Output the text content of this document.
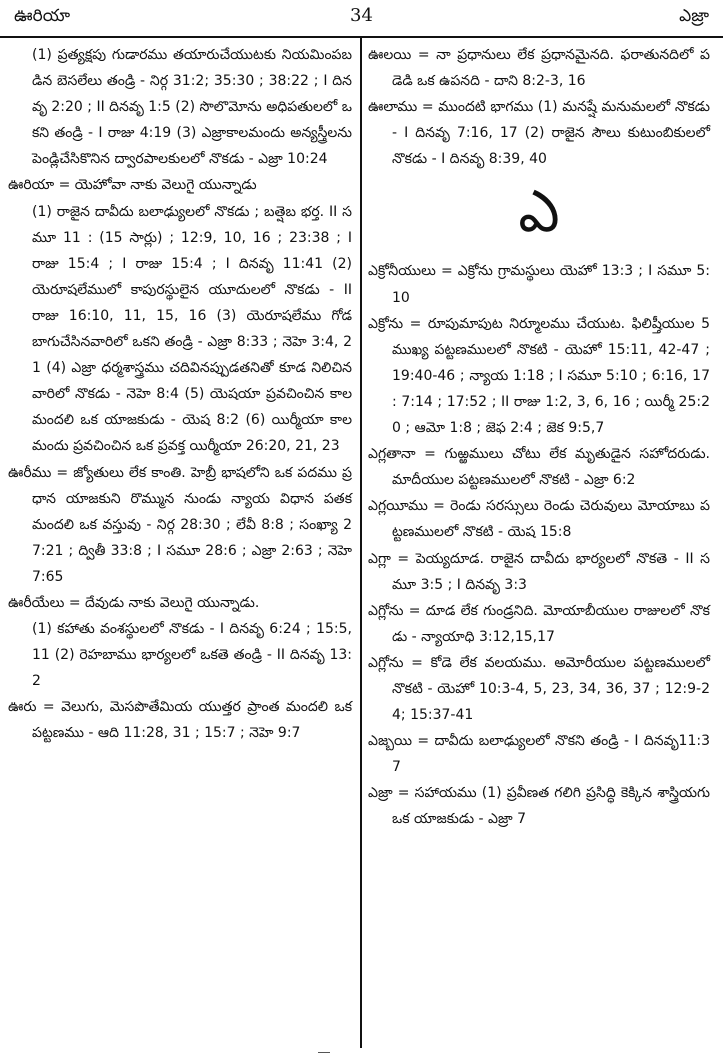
ఊరియా	34	ఎజ్రా

(1) ప్రత్యక్షపు గుడారము తయారుచేయుటకు నియమింపబడిన బెసలేలు తండ్రి - నిర్గ 31:2; 35:30 ; 38:22 ; I దినవృ 2:20 ; II దినవృ 1:5 (2) సొలొమోను అధిపతులలో ఒకని తండ్రి - I రాజు 4:19 (3) ఎజ్రాకాలమందు అన్యస్త్రీలను పెండ్లిచేసికొనిన ద్వారపాలకులలో నొకడు - ఎజ్రా 10:24

ఊరియా = యెహోవా నాకు వెలుగై యున్నాడు

(1) రాజైన దావీదు బలాఢ్యులలో నొకడు ; బత్షెబ భర్త. II సమూ 11 : (15 సార్లు) ; 12:9, 10, 16 ; 23:38 ; I రాజు 15:4 ; I రాజు 15:4 ; I దినవృ 11:41 (2) యెరూషలేములో కాపురస్థులైన యూదులలో నొకడు - II రాజు 16:10, 11, 15, 16 (3) యెరూషలేము గోడ బాగుచేసినవారిలో ఒకని తండ్రి - ఎజ్రా 8:33 ; నెహె 3:4, 21 (4) ఎజ్రా ధర్మశాస్త్రము చదివినప్పుడతనితో కూడ నిలిచిన వారిలో నొకడు - నెహె 8:4 (5) యెషయా ప్రవచించిన కాలమందలి ఒక యాజకుడు - యెష 8:2 (6) యిర్మీయా కాలమందు ప్రవచించిన ఒక ప్రవక్త యిర్మీయా 26:20, 21, 23

ఊరీము = జ్యోతులు లేక కాంతి. హెబ్రీ భాషలోని ఒక పదము ప్రధాన యాజకుని రొమ్మున నుండు న్యాయ విధాన పతక మందలి ఒక వస్తువు - నిర్గ 28:30 ; లేవీ 8:8 ; సంఖ్యా 27:21 ; ద్వితీ 33:8 ; I సమూ 28:6 ; ఎజ్రా 2:63 ; నెహె 7:65

ఊరీయేలు = దేవుడు నాకు వెలుగై యున్నాడు.

(1) కహాతు వంశస్థులలో నొకడు - I దినవృ 6:24 ; 15:5, 11 (2) రెహబాము భార్యలలో ఒకతె తండ్రి - II దినవృ 13:2

ఊరు = వెలుగు, మెసపొతేమియ యుత్తర ప్రాంత మందలి ఒక పట్టణము - ఆది 11:28, 31 ; 15:7 ; నెహె 9:7

ఊలయి = నా ప్రధానులు లేక ప్రధానమైనది. ఫరాతునదిలో పడెడి ఒక ఉపనది - దాని 8:2-3, 16

ఊలాము = ముందటి భాగము (1) మనష్షే మనుమలలో నొకడు - I దినవృ 7:16, 17 (2) రాజైన సౌలు కుటుంబికులలో నొకడు - I దినవృ 8:39, 40

ఎ

ఎక్రోనీయులు = ఎక్రోను గ్రామస్థులు యెహో 13:3 ; I సమూ 5:10

ఎక్రోను = రూపుమాపుట నిర్మూలము చేయుట. ఫిలిష్తీయుల 5 ముఖ్య పట్టణములలో నొకటి - యెహో 15:11, 42-47 ; 19:40-46 ; న్యాయ 1:18 ; I సమూ 5:10 ; 6:16, 17 : 7:14 ; 17:52 ; II రాజు 1:2, 3, 6, 16 ; యిర్మీ 25:20 ; ఆమో 1:8 ; జెఫ 2:4 ; జెక 9:5,7

ఎగ్లతానా = గుఱ్ఱములు చోటు లేక మృతుడైన సహోదరుడు. మాదీయుల పట్టణములలో నొకటి - ఎజ్రా 6:2

ఎగ్లయీము = రెండు సరస్సులు రెండు చెరువులు మోయాబు పట్టణములలో నొకటి - యెష 15:8

ఎగ్లా = పెయ్యదూడ. రాజైన దావీదు భార్యలలో నొకతె - II సమూ 3:5 ; I దినవృ 3:3

ఎగ్లోను = దూడ లేక గుండ్రనిది. మోయాబీయుల రాజులలో నొకడు - న్యాయాధి 3:12,15,17

ఎగ్లోను = కోడె లేక వలయము. అమోరీయుల పట్టణములలో నొకటి - యెహో 10:3-4, 5, 23, 34, 36, 37 ; 12:9-24; 15:37-41

ఎజ్బయి = దావీదు బలాఢ్యులలో నొకని తండ్రి - I దినవృ11:37

ఎజ్రా = సహాయము (1) ప్రవీణత గలిగి ప్రసిద్ధి కెక్కిన శాస్త్రియగు ఒక యాజకుడు - ఎజ్రా 7
